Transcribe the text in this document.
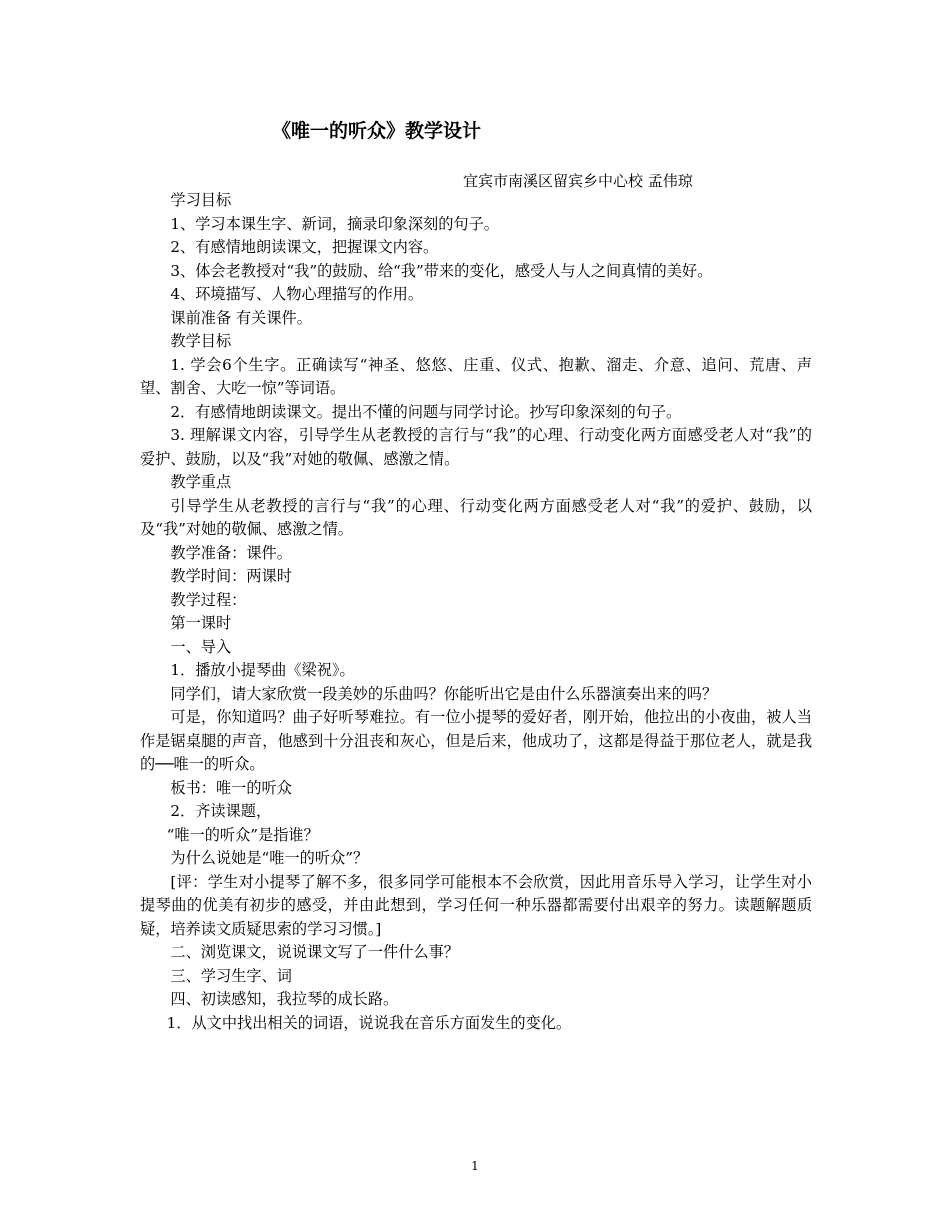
《唯一的听众》教学设计
宜宾市南溪区留宾乡中心校 孟伟琼

学习目标

1、学习本课生字、新词，摘录印象深刻的句子。

2、有感情地朗读课文，把握课文内容。

3、体会老教授对“我”的鼓励、给“我”带来的变化，感受人与人之间真情的美好。

4、环境描写、人物心理描写的作用。

课前准备 有关课件。

教学目标

1. 学会6个生字。正确读写“神圣、悠悠、庄重、仪式、抱歉、溜走、介意、追问、荒唐、声望、割舍、大吃一惊”等词语。

2．有感情地朗读课文。提出不懂的问题与同学讨论。抄写印象深刻的句子。

3. 理解课文内容，引导学生从老教授的言行与“我”的心理、行动变化两方面感受老人对“我”的爱护、鼓励，以及“我”对她的敬佩、感激之情。

教学重点

引导学生从老教授的言行与“我”的心理、行动变化两方面感受老人对“我”的爱护、鼓励，以及“我”对她的敬佩、感激之情。

教学准备：课件。

教学时间：两课时

教学过程：

第一课时

一、导入

1．播放小提琴曲《梁祝》。

同学们，请大家欣赏一段美妙的乐曲吗？你能听出它是由什么乐器演奏出来的吗？

可是，你知道吗？曲子好听琴难拉。有一位小提琴的爱好者，刚开始，他拉出的小夜曲，被人当作是锯桌腿的声音，他感到十分沮丧和灰心，但是后来，他成功了，这都是得益于那位老人，就是我的──唯一的听众。

板书：唯一的听众

2．齐读课题，

“唯一的听众”是指谁？

为什么说她是“唯一的听众”？

[评：学生对小提琴了解不多，很多同学可能根本不会欣赏，因此用音乐导入学习，让学生对小提琴曲的优美有初步的感受，并由此想到，学习任何一种乐器都需要付出艰辛的努力。读题解题质疑，培养读文质疑思索的学习习惯。]

二、浏览课文，说说课文写了一件什么事？

三、学习生字、词

四、初读感知，我拉琴的成长路。

1．从文中找出相关的词语，说说我在音乐方面发生的变化。

1
